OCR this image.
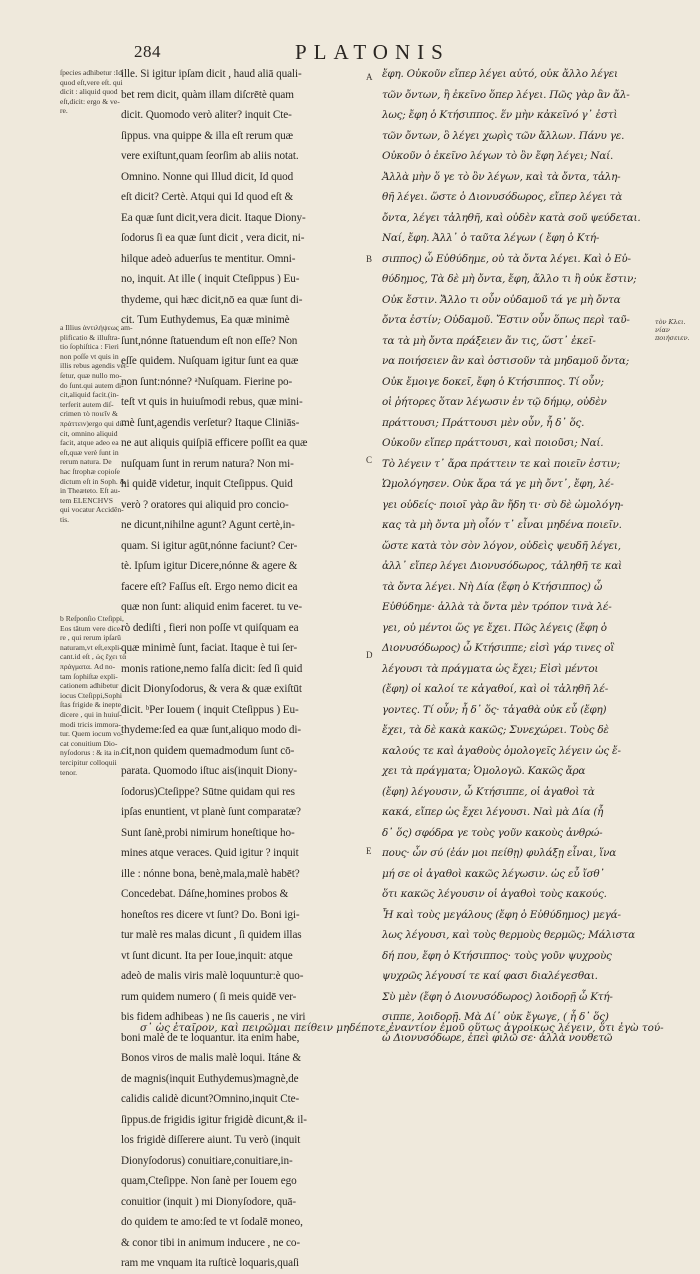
284	PLATONIS
ſpecies adhibetur :Id
quod eſt,vere eſt. qui
dicit : aliquid quod
eſt,dicit: ergo & ve-
re.
a Illius ἀντιλήψεως am-
plificatio & illuſtra-
tio ſophiſtica : Fieri
non poſſe vt quis in
illis rebus agendis ver-
ſetur, quæ nullo mo-
do ſunt.qui autem di-
cit,aliquid facit.(in-
terferit autem diſ-
crimen τὸ ποιεῖν &
πράττειν)ergo qui di-
cit, omnino aliquid
facit, atque adeo ea
eſt,quæ verè ſunt in
rerum natura. De
hac ſtrophæ copioſe
dictum eſt in Soph. &
in Theæteto. Eſt au-
tem ELENCHVS
qui vocatur Accidên-
tis.
b Reſponſio Cteſippi,
Eos tâtum vere dice-
re , qui rerum ipſarū
naturam,vt eſt,expli-
cant.id eſt , ὡς ἔχει τὰ
πράγματα. Ad no-
tam ſophiſtæ expli-
cationem adhibetur
iocus Cteſippi,Sophi
ſtas frigide & inepte
dicere , qui in huiuſ-
modi tricis immora-
tur. Quem iocum vo-
cat conuitium Dio-
nyſodorus : & ita in-
tercipitur colloquii
tenor.
ille. Si igitur ipſam dicit , haud aliā quali-
bet rem dicit, quàm illam diſcrētè quam
dicit. Quomodo verò aliter? inquit Cte-
ſippus. vna quippe & illa eſt rerum quæ
vere exiſtunt,quam ſeorſim ab aliis notat.
Omnino. Nonne qui Illud dicit, Id quod
eſt dicit? Certè. Atqui qui Id quod eſt &
Ea quæ ſunt dicit,vera dicit. Itaque Diony-
ſodorus ſi ea quæ ſunt dicit , vera dicit, ni-
hilque adeò aduerſus te mentitur. Omni-
no, inquit. At ille ( inquit Cteſippus ) Eu-
thydeme, qui hæc dicit,nō ea quæ ſunt di-
cit. Tum Euthydemus, Ea quæ minimè
ſunt,nónne ſtatuendum eſt non eſſe? Non
eſſe quidem. Nuſquam igitur ſunt ea quæ
non ſunt:nónne? ᵃNuſquam. Fierine po-
teſt vt quis in huiuſmodi rebus, quæ mini-
mè ſunt,agendis verſetur? Itaque Cliniās-
ne aut aliquis quiſpiā efficere poſſit ea quæ
nuſquam ſunt in rerum natura? Non mi-
hi quidē videtur, inquit Cteſippus. Quid
verò ? oratores qui aliquid pro concio-
ne dicunt,nihilne agunt? Agunt certè,in-
quam. Si igitur agūt,nónne faciunt? Cer-
tè. Ipſum igitur Dicere,nónne & agere &
facere eſt? Faſſus eſt. Ergo nemo dicit ea
quæ non ſunt: aliquid enim faceret. tu ve-
rò dediſti , fieri non poſſe vt quiſquam ea
quæ minimè ſunt, faciat. Itaque è tui ſer-
monis ratione,nemo falſa dicit: ſed ſi quid
dicit Dionyſodorus, & vera & quæ exiſtūt
dicit. ᵇPer Iouem ( inquit Cteſippus ) Eu-
thydeme:ſed ea quæ ſunt,aliquo modo di-
cit,non quidem quemadmodum ſunt cō-
parata. Quomodo iſtuc ais(inquit Diony-
ſodorus)Cteſippe? Sūtne quidam qui res
ipſas enuntient, vt planè ſunt comparatæ?
Sunt ſanè,probi nimirum honeſtique ho-
mines atque veraces. Quid igitur ? inquit
ille : nónne bona, benè,mala,malè habēt?
Concedebat. Dáſne,homines probos &
honeſtos res dicere vt ſunt? Do. Boni igi-
tur malè res malas dicunt , ſi quidem illas
vt ſunt dicunt. Ita per Ioue,inquit: atque
adeò de malis viris malè loquuntur:è quo-
rum quidem numero ( ſi meis quidē ver-
bis fidem adhibeas ) ne ſis caueris , ne viri
boni malè de te loquantur. ita enim habe,
Bonos viros de malis malè loqui. Itáne &
de magnis(inquit Euthydemus)magnè,de
calidis calidè dicunt?Omnino,inquit Cte-
ſippus.de frigidis igitur frigidè dicunt,& il-
los frigidè diſſerere aiunt. Tu verò (inquit
Dionyſodorus) conuitiare,conuitiare,in-
quam,Cteſippe. Non ſanè per Iouem ego
conuitior (inquit ) mi Dionyſodore, quā-
do quidem te amo:ſed te vt ſodalē moneo,
& conor tibi in animum inducere , ne co-
ram me vnquam ita ruſticè loquaris,quaſi
A
B
C
D
E
ἔφη. Οὐκοῦν εἴπερ λέγει αὐτό, οὐκ ἄλλο λέγει
τῶν ὄντων, ἢ ἐκεῖνο ὅπερ λέγει. Πῶς γὰρ ἂν ἄλ-
λως; ἔφη ὁ Κτήσιππος. ἕν μὴν κἀκεῖνό γ᾽ ἐστὶ
τῶν ὄντων, ὃ λέγει χωρὶς τῶν ἄλλων. Πάνυ γε.
Οὐκοῦν ὁ ἐκεῖνο λέγων τὸ ὂν ἔφη λέγει; Ναί.
Ἀλλὰ μὴν ὅ γε τὸ ὂν λέγων, καὶ τὰ ὄντα, τἀλη-
θῆ λέγει. ὥστε ὁ Διονυσόδωρος, εἴπερ λέγει τὰ
ὄντα, λέγει τἀληθῆ, καὶ οὐδὲν κατὰ σοῦ ψεύδεται.
Ναί, ἔφη. Ἀλλ᾽ ὁ ταῦτα λέγων ( ἔφη ὁ Κτή-
σιππος) ὦ Εὐθύδημε, οὐ τὰ ὄντα λέγει. Καὶ ὁ Εὐ-
θύδημος, Τὰ δὲ μὴ ὄντα, ἔφη, ἄλλο τι ἢ οὐκ ἔστιν;
Οὐκ ἔστιν. Ἄλλο τι οὖν οὐδαμοῦ τά γε μὴ ὄντα
ὄντα ἐστίν; Οὐδαμοῦ. Ἔστιν οὖν ὅπως περὶ ταῦ-
τα τὰ μὴ ὄντα πράξειεν ἄν τις, ὥστ᾽ ἐκεῖ-
να ποιήσειεν ἂν καὶ ὁστισοῦν τὰ μηδαμοῦ ὄντα;
Οὐκ ἔμοιγε δοκεῖ, ἔφη ὁ Κτήσιππος. Τί οὖν;
οἱ ῥήτορες ὅταν λέγωσιν ἐν τῷ δήμῳ, οὐδὲν
πράττουσι; Πράττουσι μὲν οὖν, ἦ δ᾽ ὅς.
Οὐκοῦν εἴπερ πράττουσι, καὶ ποιοῦσι; Ναί.
Τὸ λέγειν τ᾽ ἄρα πράττειν τε καὶ ποιεῖν ἐστιν;
Ὡμολόγησεν. Οὐκ ἄρα τά γε μὴ ὄντ᾽, ἔφη, λέ-
γει οὐδείς· ποιοῖ γὰρ ἂν ἤδη τι· σὺ δὲ ὡμολόγη-
κας τὰ μὴ ὄντα μὴ οἷόν τ᾽ εἶναι μηδένα ποιεῖν.
ὥστε κατὰ τὸν σὸν λόγον, οὐδεὶς ψευδῆ λέγει,
ἀλλ᾽ εἴπερ λέγει Διονυσόδωρος, τἀληθῆ τε καὶ
τὰ ὄντα λέγει. Νὴ Δία (ἔφη ὁ Κτήσιππος) ὦ
Εὐθύδημε· ἀλλὰ τὰ ὄντα μὲν τρόπον τινὰ λέ-
γει, οὐ μέντοι ὥς γε ἔχει. Πῶς λέγεις (ἔφη ὁ
Διονυσόδωρος) ὦ Κτήσιππε; εἰσὶ γάρ τινες οἳ
λέγουσι τὰ πράγματα ὡς ἔχει; Εἰσὶ μέντοι
(ἔφη) οἱ καλοί τε κἀγαθοί, καὶ οἱ τἀληθῆ λέ-
γοντες. Τί οὖν; ἦ δ᾽ ὅς· τἀγαθὰ οὐκ εὖ (ἔφη)
ἔχει, τὰ δὲ κακὰ κακῶς; Συνεχώρει. Τοὺς δὲ
καλούς τε καὶ ἀγαθοὺς ὁμολογεῖς λέγειν ὡς ἔ-
χει τὰ πράγματα; Ὁμολογῶ. Κακῶς ἄρα
(ἔφη) λέγουσιν, ὦ Κτήσιππε, οἱ ἀγαθοὶ τὰ
κακά, εἴπερ ὡς ἔχει λέγουσι. Ναὶ μὰ Δία (ἦ
δ᾽ ὅς) σφόδρα γε τοὺς γοῦν κακοὺς ἀνθρώ-
πους· ὧν σύ (ἐάν μοι πείθῃ) φυλάξῃ εἶναι, ἵνα
μή σε οἱ ἀγαθοὶ κακῶς λέγωσιν. ὡς εὖ ἴσθ᾽
ὅτι κακῶς λέγουσιν οἱ ἀγαθοὶ τοὺς κακούς.
Ἦ καὶ τοὺς μεγάλους (ἔφη ὁ Εὐθύδημος) μεγά-
λως λέγουσι, καὶ τοὺς θερμοὺς θερμῶς; Μάλιστα
δή που, ἔφη ὁ Κτήσιππος· τοὺς γοῦν ψυχροὺς
ψυχρῶς λέγουσί τε καί φασι διαλέγεσθαι.
Σὺ μὲν (ἔφη ὁ Διονυσόδωρος) λοιδορῇ ὦ Κτή-
σιππε, λοιδορῇ. Μὰ Δί᾽ οὐκ ἔγωγε, ( ἦ δ᾽ ὅς)
ὦ Διονυσόδωρε, ἐπεὶ φιλῶ σε· ἀλλὰ νουθετῶ
τὸν Κλει. νίαν ποιήσειεν.
σ᾽ ὡς ἑταῖρον, καὶ πειρῶμαι πείθειν μηδέποτε ἐναντίον ἐμοῦ οὕτως ἀγροίκως λέγειν, ὅτι ἐγὼ τού-
